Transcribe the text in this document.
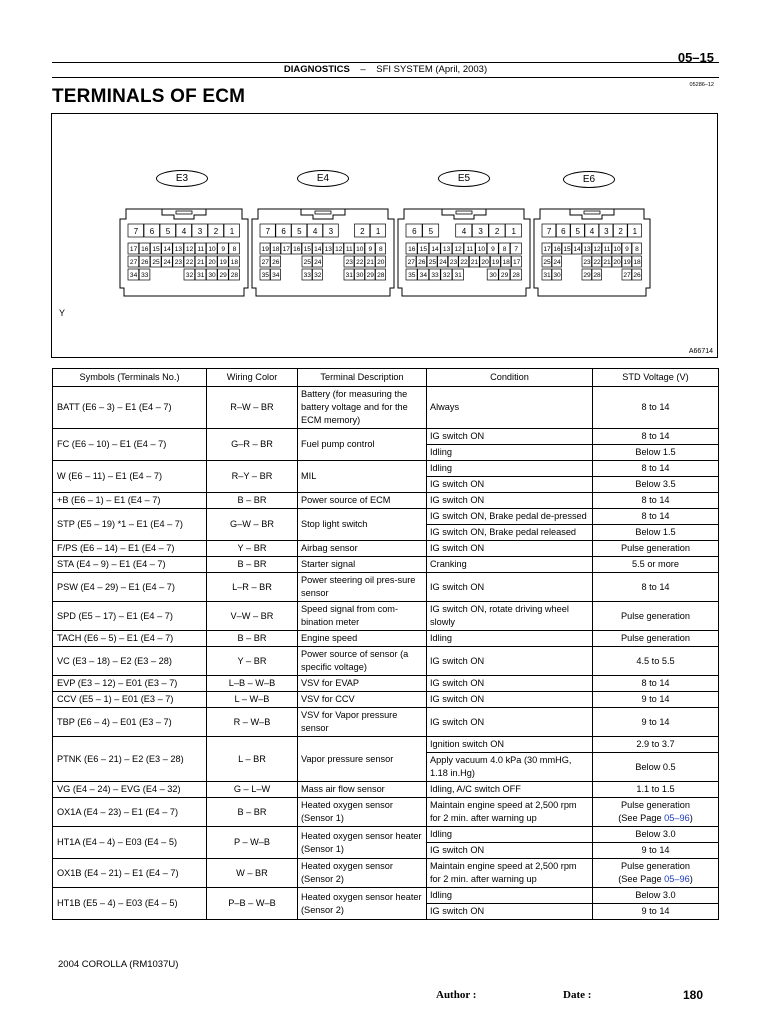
05–15
DIAGNOSTICS – SFI SYSTEM (April, 2003)
05286–12
TERMINALS OF ECM
E3	E4	E5	E6
7 6 5 4 3 2 1
17 16 15 14 13 12 11 10 9 8
27 26 25 24 23 22 21 20 19 18
34 33	32 31 30 29 28
7 6 5 4 3	2 1
19 18 17 16 15 14 13 12 11 10 9 8
27 26	25 24	23 22 21 20
35 34	33 32	31 30 29 28
6 5	4 3 2 1
16 15 14 13 12 11 10 9 8 7
27 26 25 24 23 22 21 20 19 18 17
35 34 33 32 31	30 29 28
7 6 5 4 3 2 1
17 16 15 14 13 12 11 10 9 8
25 24	23 22 21 20 19 18
31 30	29 28	27 26
Y
A66714
Symbols (Terminals No.)	Wiring Color	Terminal Description	Condition	STD Voltage (V)
BATT (E6 – 3) – E1 (E4 – 7)	R–W – BR	Battery (for measuring the battery voltage and for the ECM memory)	Always	8 to 14
FC (E6 – 10) – E1 (E4 – 7)	G–R – BR	Fuel pump control	IG switch ON	8 to 14
			Idling	Below 1.5
W (E6 – 11) – E1 (E4 – 7)	R–Y – BR	MIL	Idling	8 to 14
			IG switch ON	Below 3.5
+B (E6 – 1) – E1 (E4 – 7)	B – BR	Power source of ECM	IG switch ON	8 to 14
STP (E5 – 19) *1 – E1 (E4 – 7)	G–W – BR	Stop light switch	IG switch ON, Brake pedal de-pressed	8 to 14
			IG switch ON, Brake pedal released	Below 1.5
F/PS (E6 – 14) – E1 (E4 – 7)	Y – BR	Airbag sensor	IG switch ON	Pulse generation
STA (E4 – 9) – E1 (E4 – 7)	B – BR	Starter signal	Cranking	5.5 or more
PSW (E4 – 29) – E1 (E4 – 7)	L–R – BR	Power steering oil pres-sure sensor	IG switch ON	8 to 14
SPD (E5 – 17) – E1 (E4 – 7)	V–W – BR	Speed signal from com-bination meter	IG switch ON, rotate driving wheel slowly	Pulse generation
TACH (E6 – 5) – E1 (E4 – 7)	B – BR	Engine speed	Idling	Pulse generation
VC (E3 – 18) – E2 (E3 – 28)	Y – BR	Power source of sensor (a specific voltage)	IG switch ON	4.5 to 5.5
EVP (E3 – 12) – E01 (E3 – 7)	L–B – W–B	VSV for EVAP	IG switch ON	8 to 14
CCV (E5 – 1) – E01 (E3 – 7)	L – W–B	VSV for CCV	IG switch ON	9 to 14
TBP (E6 – 4) – E01 (E3 – 7)	R – W–B	VSV for Vapor pressure sensor	IG switch ON	9 to 14
PTNK (E6 – 21) – E2 (E3 – 28)	L – BR	Vapor pressure sensor	Ignition switch ON	2.9 to 3.7
			Apply vacuum 4.0 kPa (30 mmHG, 1.18 in.Hg)	Below 0.5
VG (E4 – 24) – EVG (E4 – 32)	G – L–W	Mass air flow sensor	Idling, A/C switch OFF	1.1 to 1.5
OX1A (E4 – 23) – E1 (E4 – 7)	B – BR	Heated oxygen sensor (Sensor 1)	Maintain engine speed at 2,500 rpm for 2 min. after warning up	Pulse generation
(See Page 05–96)

HT1A (E4 – 4) – E03 (E4 – 5)	P – W–B	Heated oxygen sensor heater (Sensor 1)	Idling	Below 3.0
			IG switch ON	9 to 14
OX1B (E4 – 21) – E1 (E4 – 7)	W – BR	Heated oxygen sensor (Sensor 2)	Maintain engine speed at 2,500 rpm for 2 min. after warning up	Pulse generation
(See Page 05–96)

HT1B (E5 – 4) – E03 (E4 – 5)	P–B – W–B	Heated oxygen sensor heater (Sensor 2)	Idling	Below 3.0
			IG switch ON	9 to 14
2004 COROLLA (RM1037U)
Author :	Date :	180
